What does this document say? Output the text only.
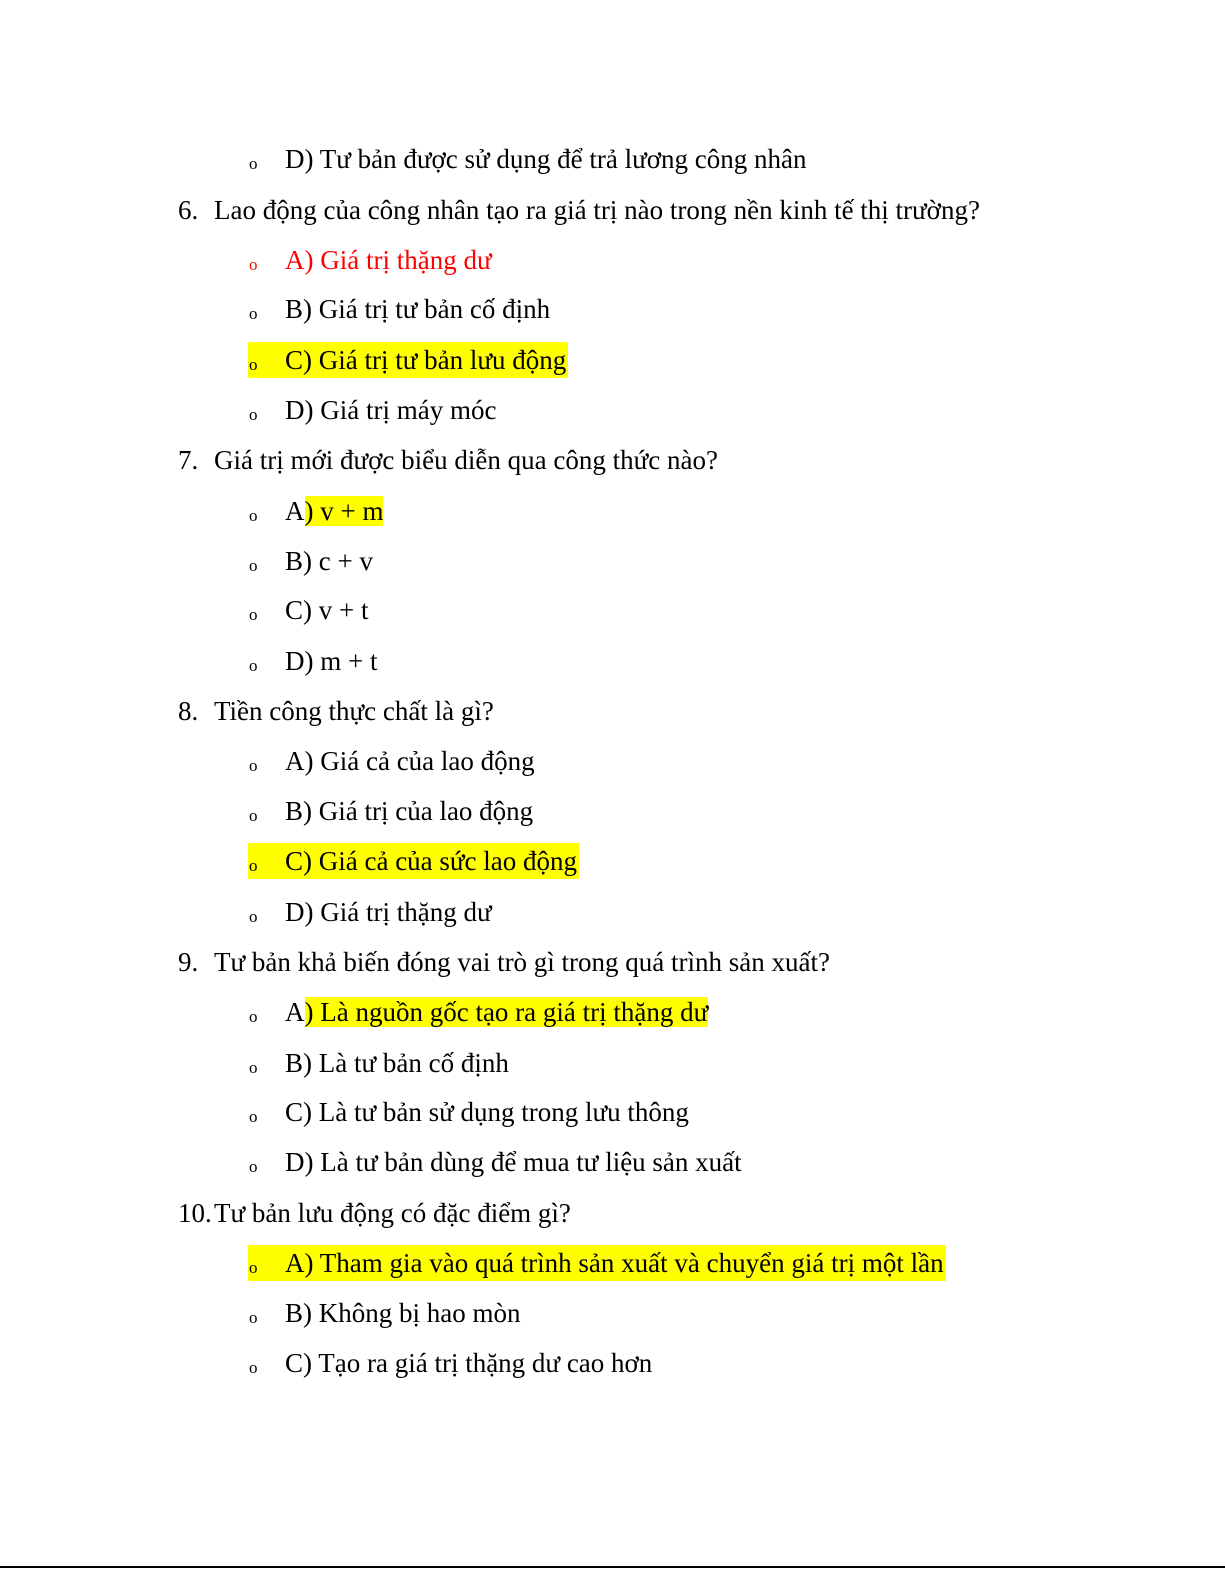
o D) Tư bản được sử dụng để trả lương công nhân
6. Lao động của công nhân tạo ra giá trị nào trong nền kinh tế thị trường?
o A) Giá trị thặng dư
o B) Giá trị tư bản cố định
o C) Giá trị tư bản lưu động
o D) Giá trị máy móc
7. Giá trị mới được biểu diễn qua công thức nào?
o A) v + m
o B) c + v
o C) v + t
o D) m + t
8. Tiền công thực chất là gì?
o A) Giá cả của lao động
o B) Giá trị của lao động
o C) Giá cả của sức lao động
o D) Giá trị thặng dư
9. Tư bản khả biến đóng vai trò gì trong quá trình sản xuất?
o A) Là nguồn gốc tạo ra giá trị thặng dư
o B) Là tư bản cố định
o C) Là tư bản sử dụng trong lưu thông
o D) Là tư bản dùng để mua tư liệu sản xuất
10. Tư bản lưu động có đặc điểm gì?
o A) Tham gia vào quá trình sản xuất và chuyển giá trị một lần
o B) Không bị hao mòn
o C) Tạo ra giá trị thặng dư cao hơn
